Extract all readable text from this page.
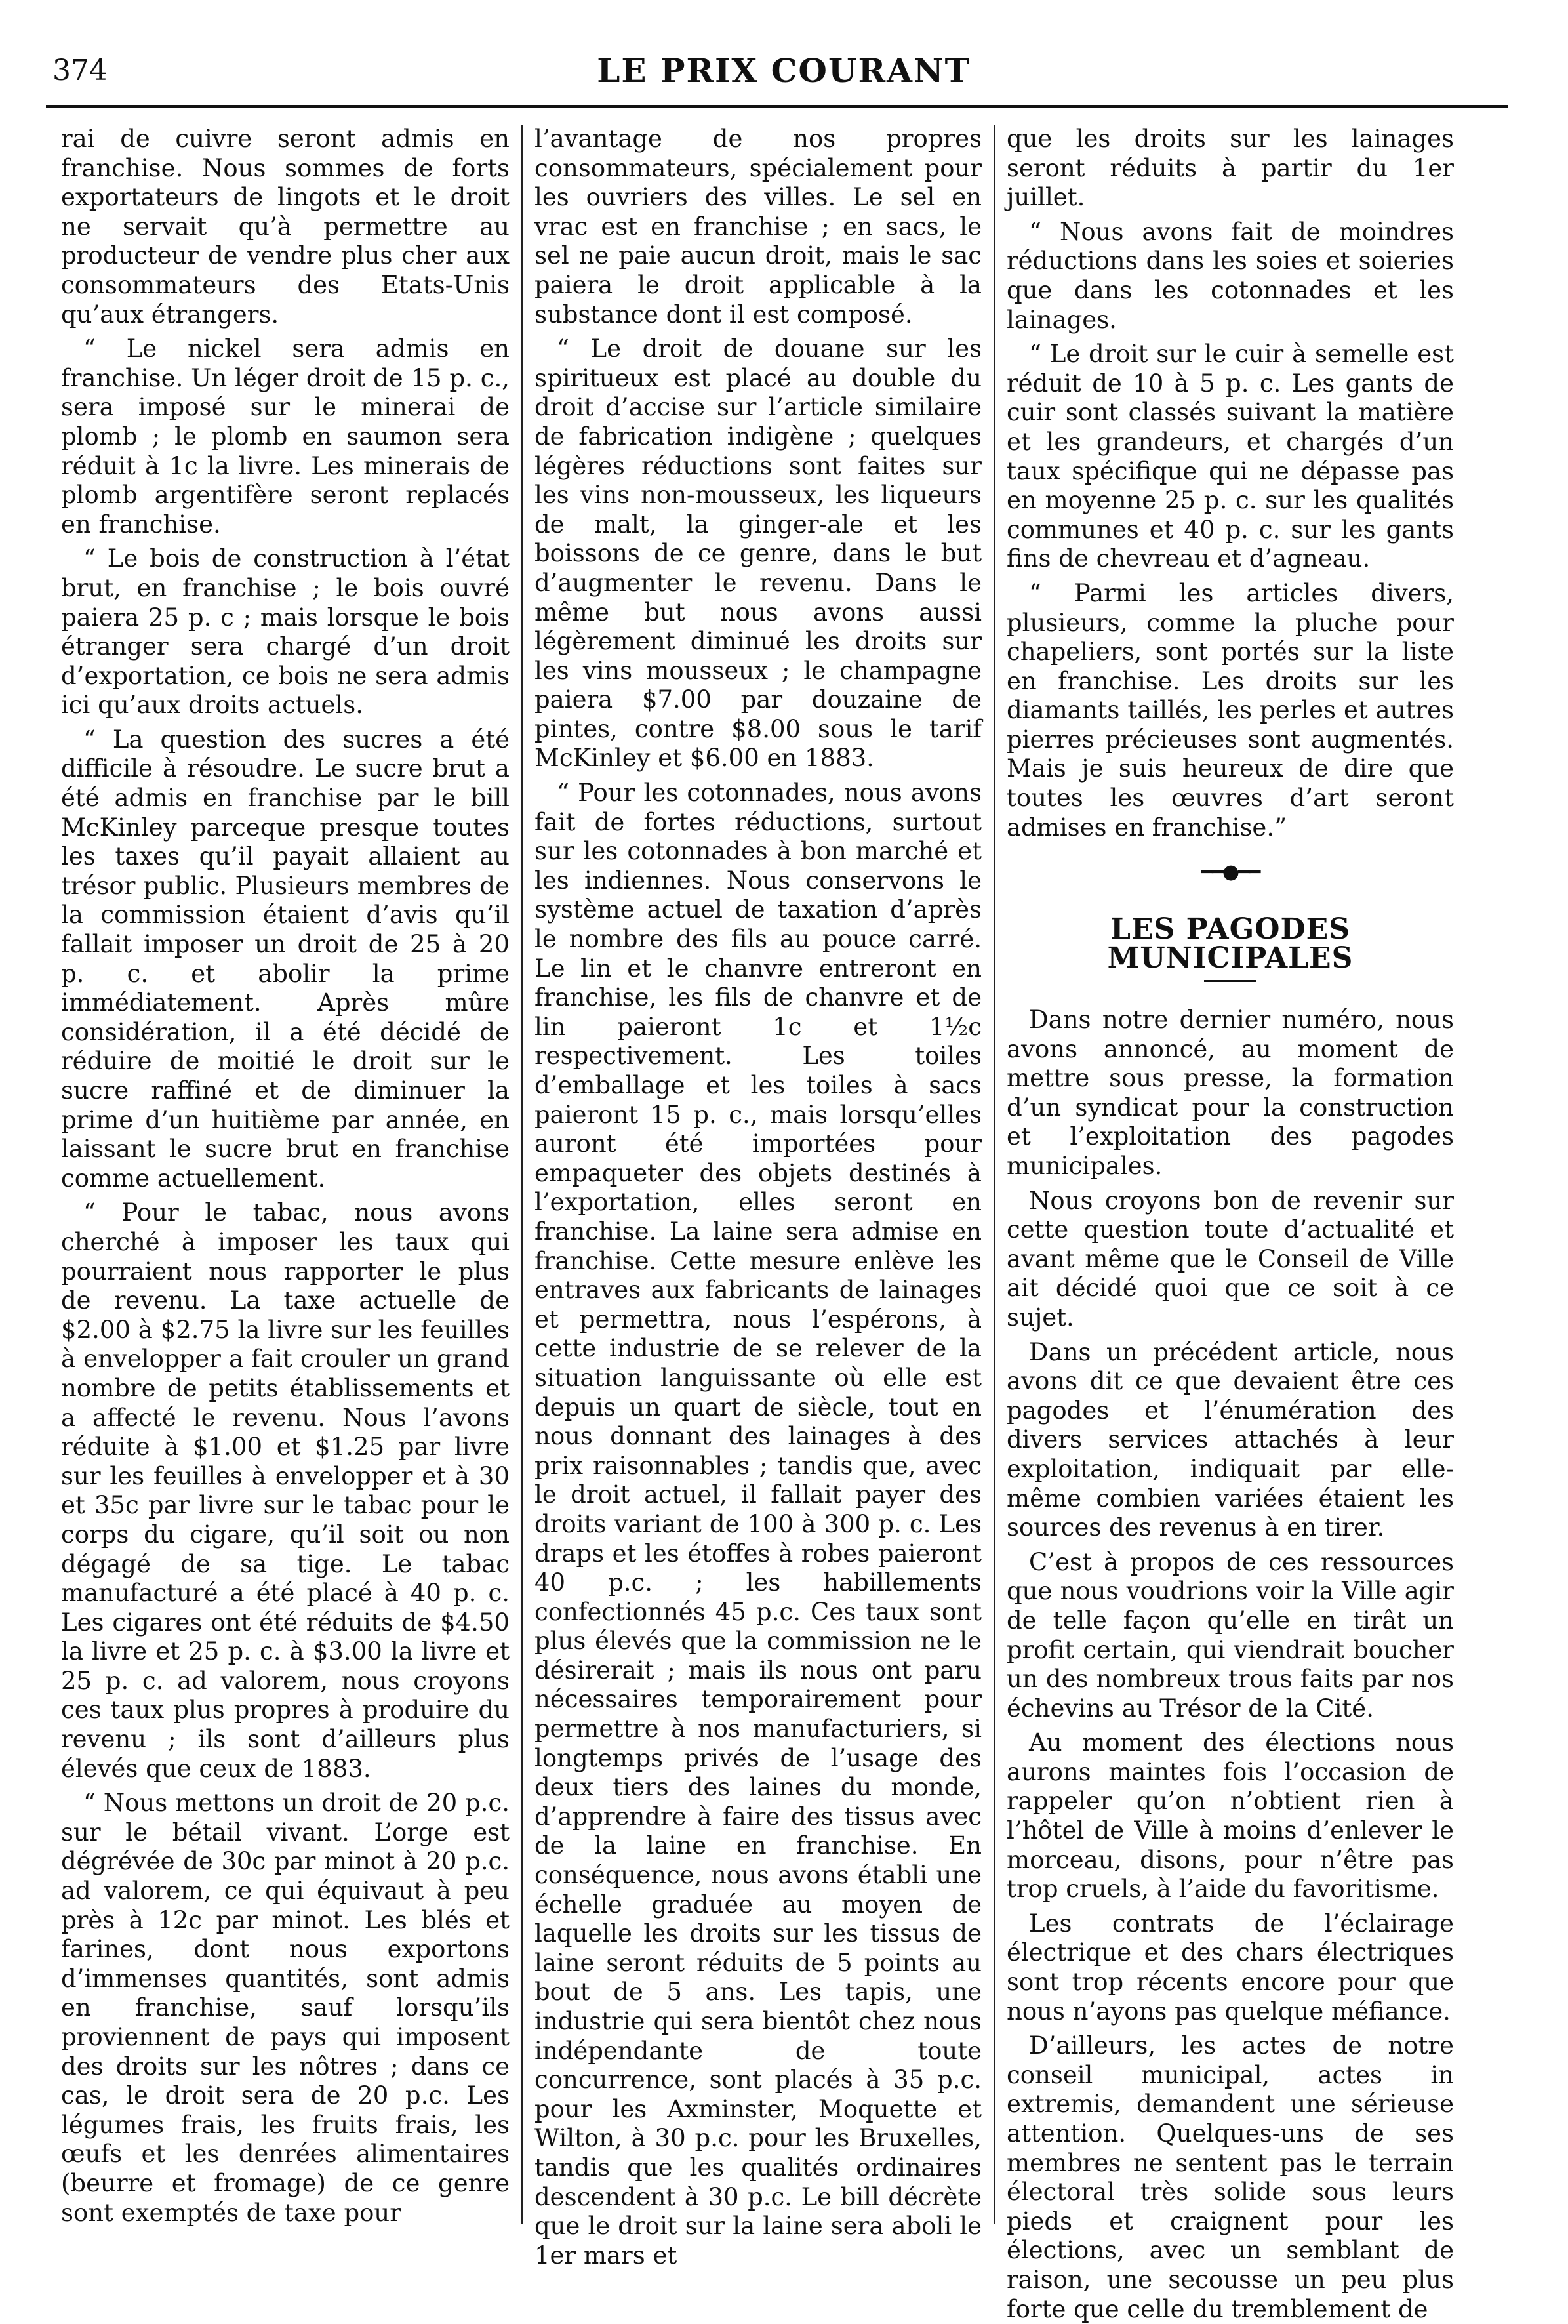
374	LE PRIX COURANT

rai de cuivre seront admis en franchise. Nous sommes de forts exportateurs de lingots et le droit ne servait qu’à permettre au producteur de vendre plus cher aux consommateurs des Etats-Unis qu’aux étrangers.

“ Le nickel sera admis en franchise. Un léger droit de 15 p. c., sera imposé sur le minerai de plomb ; le plomb en saumon sera réduit à 1c la livre. Les minerais de plomb argentifère seront replacés en franchise.

“ Le bois de construction à l’état brut, en franchise ; le bois ouvré paiera 25 p. c ; mais lorsque le bois étranger sera chargé d’un droit d’exportation, ce bois ne sera admis ici qu’aux droits actuels.

“ La question des sucres a été difficile à résoudre. Le sucre brut a été admis en franchise par le bill McKinley parceque presque toutes les taxes qu’il payait allaient au trésor public. Plusieurs membres de la commission étaient d’avis qu’il fallait imposer un droit de 25 à 20 p. c. et abolir la prime immédiatement. Après mûre considération, il a été décidé de réduire de moitié le droit sur le sucre raffiné et de diminuer la prime d’un huitième par année, en laissant le sucre brut en franchise comme actuellement.

“ Pour le tabac, nous avons cherché à imposer les taux qui pourraient nous rapporter le plus de revenu. La taxe actuelle de $2.00 à $2.75 la livre sur les feuilles à envelopper a fait crouler un grand nombre de petits établissements et a affecté le revenu. Nous l’avons réduite à $1.00 et $1.25 par livre sur les feuilles à envelopper et à 30 et 35c par livre sur le tabac pour le corps du cigare, qu’il soit ou non dégagé de sa tige. Le tabac manufacturé a été placé à 40 p. c. Les cigares ont été réduits de $4.50 la livre et 25 p. c. à $3.00 la livre et 25 p. c. ad valorem, nous croyons ces taux plus propres à produire du revenu ; ils sont d’ailleurs plus élevés que ceux de 1883.

“ Nous mettons un droit de 20 p.c. sur le bétail vivant. L’orge est dégrévée de 30c par minot à 20 p.c. ad valorem, ce qui équivaut à peu près à 12c par minot. Les blés et farines, dont nous exportons d’immenses quantités, sont admis en franchise, sauf lorsqu’ils proviennent de pays qui imposent des droits sur les nôtres ; dans ce cas, le droit sera de 20 p.c. Les légumes frais, les fruits frais, les œufs et les denrées alimentaires (beurre et fromage) de ce genre sont exemptés de taxe pour

l’avantage de nos propres consommateurs, spécialement pour les ouvriers des villes. Le sel en vrac est en franchise ; en sacs, le sel ne paie aucun droit, mais le sac paiera le droit applicable à la substance dont il est composé.

“ Le droit de douane sur les spiritueux est placé au double du droit d’accise sur l’article similaire de fabrication indigène ; quelques légères réductions sont faites sur les vins non-mousseux, les liqueurs de malt, la ginger-ale et les boissons de ce genre, dans le but d’augmenter le revenu. Dans le même but nous avons aussi légèrement diminué les droits sur les vins mousseux ; le champagne paiera $7.00 par douzaine de pintes, contre $8.00 sous le tarif McKinley et $6.00 en 1883.

“ Pour les cotonnades, nous avons fait de fortes réductions, surtout sur les cotonnades à bon marché et les indiennes. Nous conservons le système actuel de taxation d’après le nombre des fils au pouce carré. Le lin et le chanvre entreront en franchise, les fils de chanvre et de lin paieront 1c et 1½c respectivement. Les toiles d’emballage et les toiles à sacs paieront 15 p. c., mais lorsqu’elles auront été importées pour empaqueter des objets destinés à l’exportation, elles seront en franchise. La laine sera admise en franchise. Cette mesure enlève les entraves aux fabricants de lainages et permettra, nous l’espérons, à cette industrie de se relever de la situation languissante où elle est depuis un quart de siècle, tout en nous donnant des lainages à des prix raisonnables ; tandis que, avec le droit actuel, il fallait payer des droits variant de 100 à 300 p. c. Les draps et les étoffes à robes paieront 40 p.c. ; les habillements confectionnés 45 p.c. Ces taux sont plus élevés que la commission ne le désirerait ; mais ils nous ont paru nécessaires temporairement pour permettre à nos manufacturiers, si longtemps privés de l’usage des deux tiers des laines du monde, d’apprendre à faire des tissus avec de la laine en franchise. En conséquence, nous avons établi une échelle graduée au moyen de laquelle les droits sur les tissus de laine seront réduits de 5 points au bout de 5 ans. Les tapis, une industrie qui sera bientôt chez nous indépendante de toute concurrence, sont placés à 35 p.c. pour les Axminster, Moquette et Wilton, à 30 p.c. pour les Bruxelles, tandis que les qualités ordinaires descendent à 30 p.c. Le bill décrète que le droit sur la laine sera aboli le 1er mars et

que les droits sur les lainages seront réduits à partir du 1er juillet.

“ Nous avons fait de moindres réductions dans les soies et soieries que dans les cotonnades et les lainages.

“ Le droit sur le cuir à semelle est réduit de 10 à 5 p. c. Les gants de cuir sont classés suivant la matière et les grandeurs, et chargés d’un taux spécifique qui ne dépasse pas en moyenne 25 p. c. sur les qualités communes et 40 p. c. sur les gants fins de chevreau et d’agneau.

“ Parmi les articles divers, plusieurs, comme la pluche pour chapeliers, sont portés sur la liste en franchise. Les droits sur les diamants taillés, les perles et autres pierres précieuses sont augmentés. Mais je suis heureux de dire que toutes les œuvres d’art seront admises en franchise.”

━━●━━
LES PAGODES MUNICIPALES

Dans notre dernier numéro, nous avons annoncé, au moment de mettre sous presse, la formation d’un syndicat pour la construction et l’exploitation des pagodes municipales.

Nous croyons bon de revenir sur cette question toute d’actualité et avant même que le Conseil de Ville ait décidé quoi que ce soit à ce sujet.

Dans un précédent article, nous avons dit ce que devaient être ces pagodes et l’énumération des divers services attachés à leur exploitation, indiquait par elle-même combien variées étaient les sources des revenus à en tirer.

C’est à propos de ces ressources que nous voudrions voir la Ville agir de telle façon qu’elle en tirât un profit certain, qui viendrait boucher un des nombreux trous faits par nos échevins au Trésor de la Cité.

Au moment des élections nous aurons maintes fois l’occasion de rappeler qu’on n’obtient rien à l’hôtel de Ville à moins d’enlever le morceau, disons, pour n’être pas trop cruels, à l’aide du favoritisme.

Les contrats de l’éclairage électrique et des chars électriques sont trop récents encore pour que nous n’ayons pas quelque méfiance.

D’ailleurs, les actes de notre conseil municipal, actes in extremis, demandent une sérieuse attention. Quelques-uns de ses membres ne sentent pas le terrain électoral très solide sous leurs pieds et craignent pour les élections, avec un semblant de raison, une secousse un peu plus forte que celle du tremblement de
